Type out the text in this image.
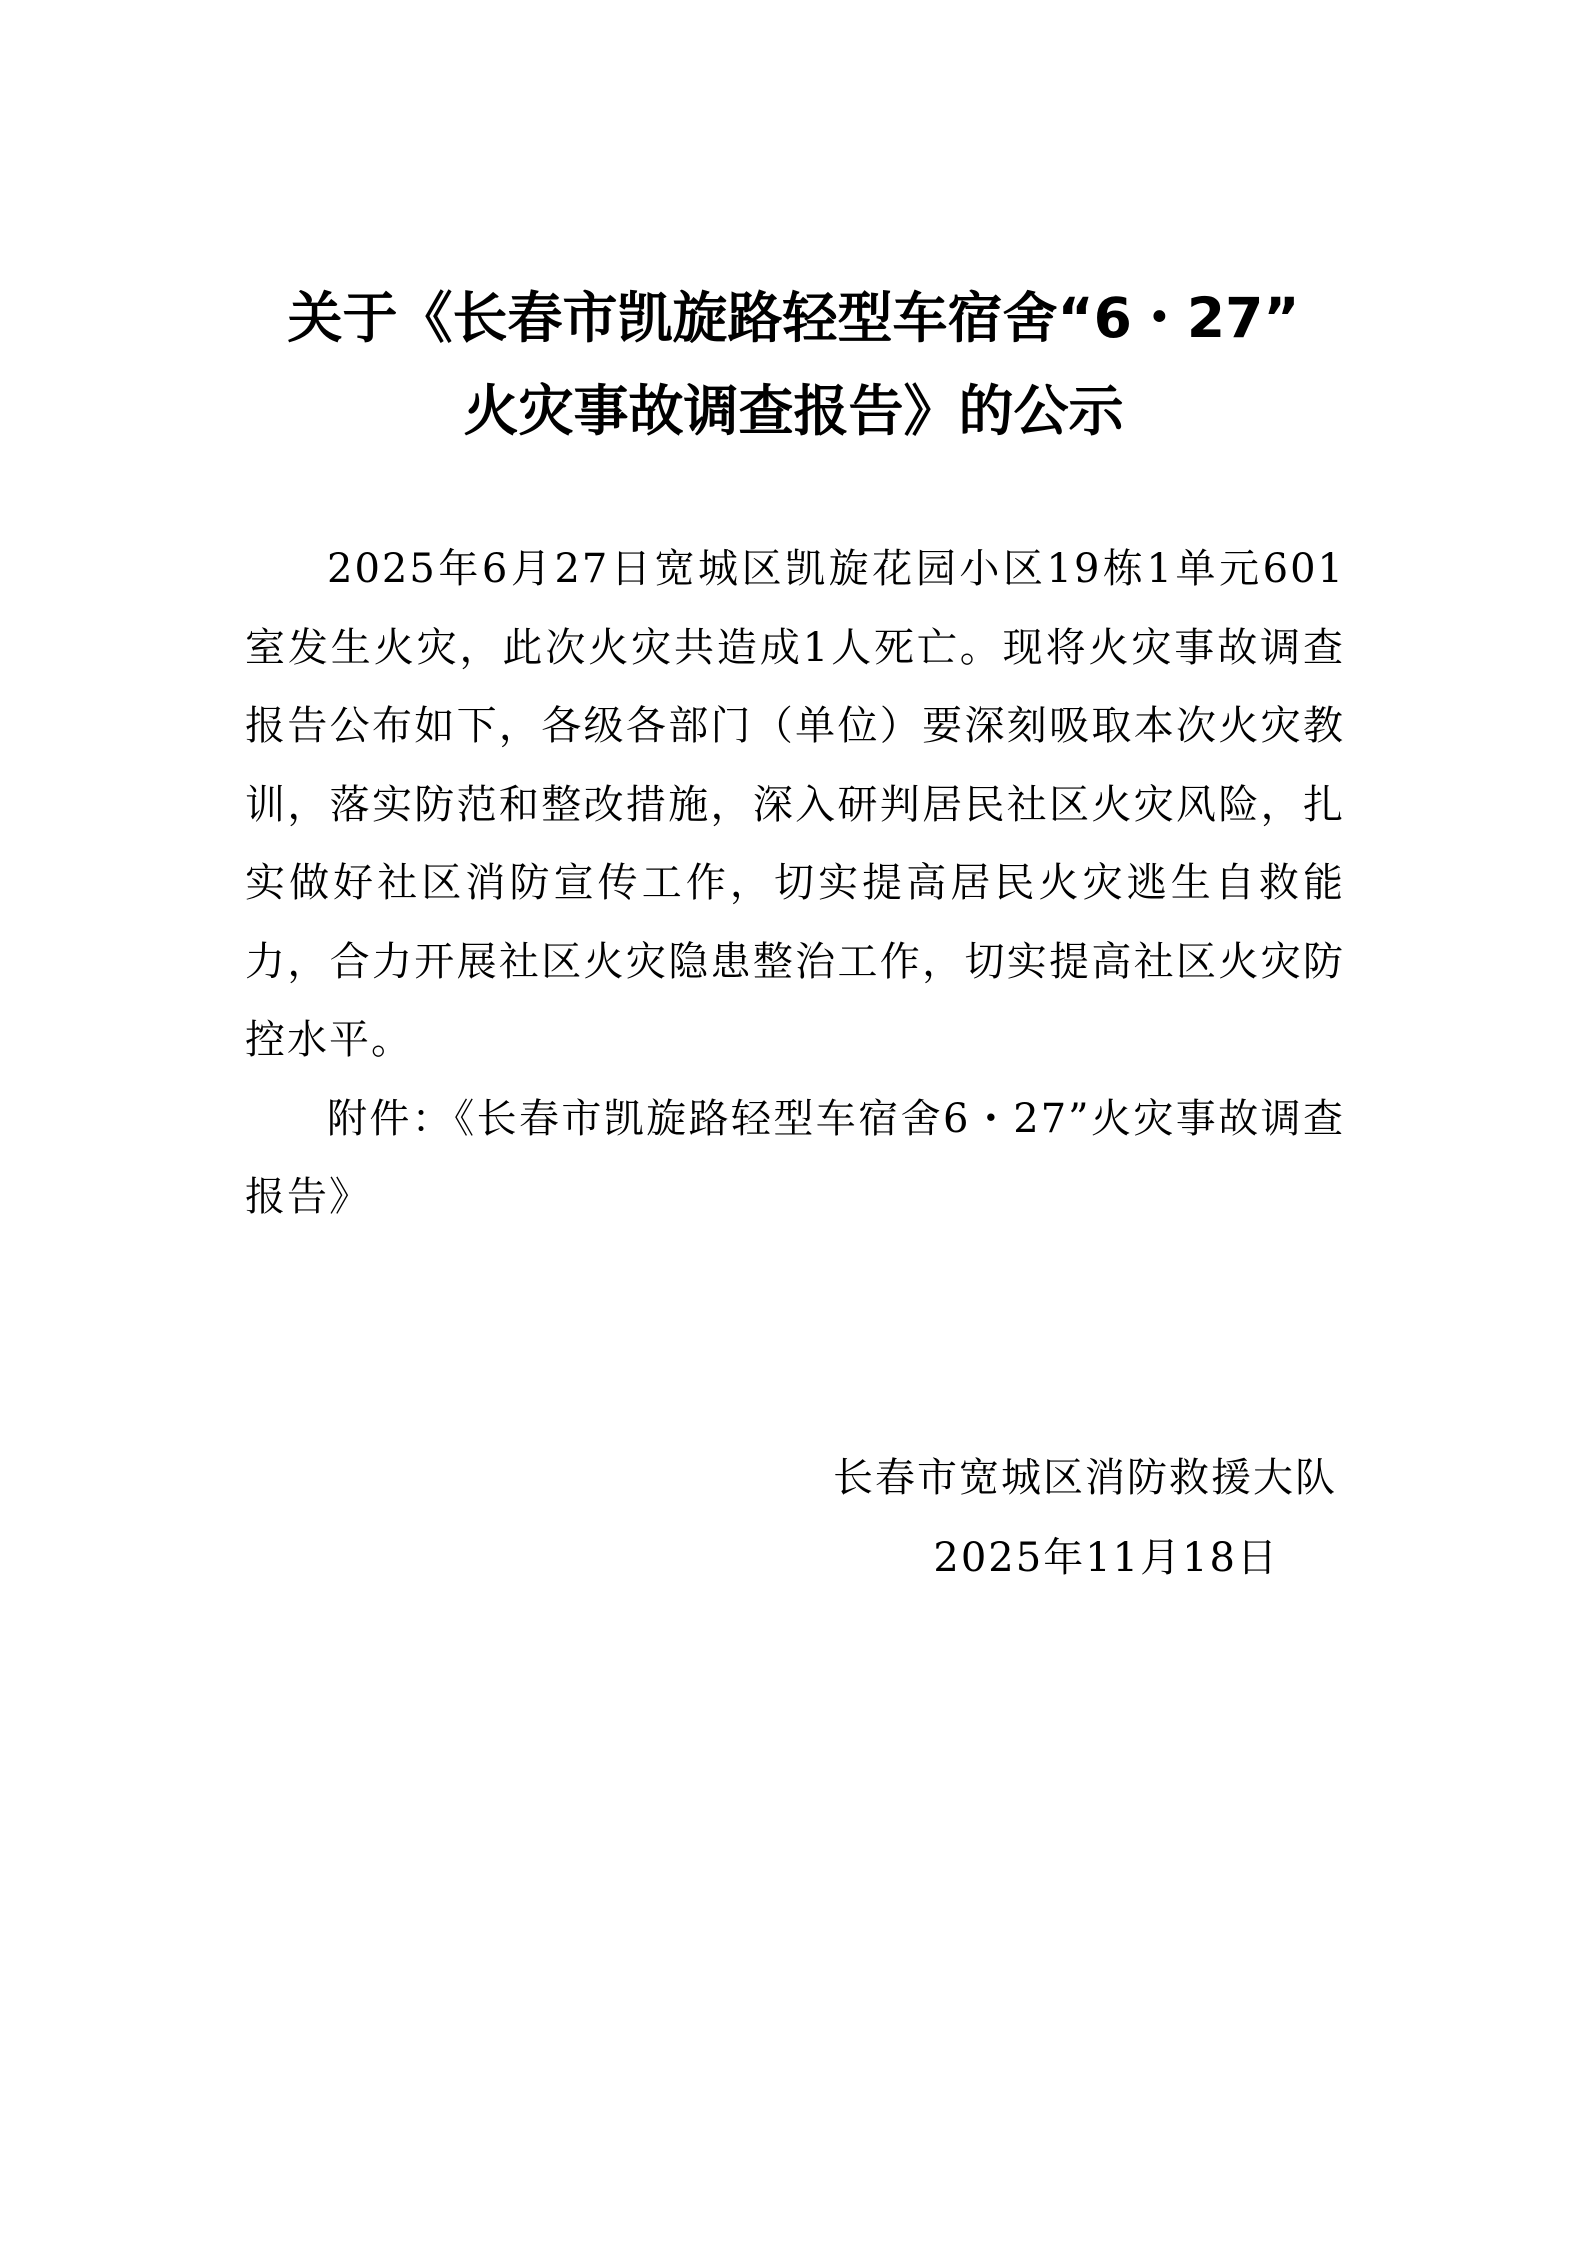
关于《长春市凯旋路轻型车宿舍“6・27”
火灾事故调查报告》的公示

2025年6月27日宽城区凯旋花园小区19栋1单元601室发生火灾，此次火灾共造成1人死亡。现将火灾事故调查报告公布如下，各级各部门（单位）要深刻吸取本次火灾教训，落实防范和整改措施，深入研判居民社区火灾风险，扎实做好社区消防宣传工作，切实提高居民火灾逃生自救能力，合力开展社区火灾隐患整治工作，切实提高社区火灾防控水平。

附件：《长春市凯旋路轻型车宿舍6・27”火灾事故调查报告》

长春市宽城区消防救援大队
2025年11月18日
